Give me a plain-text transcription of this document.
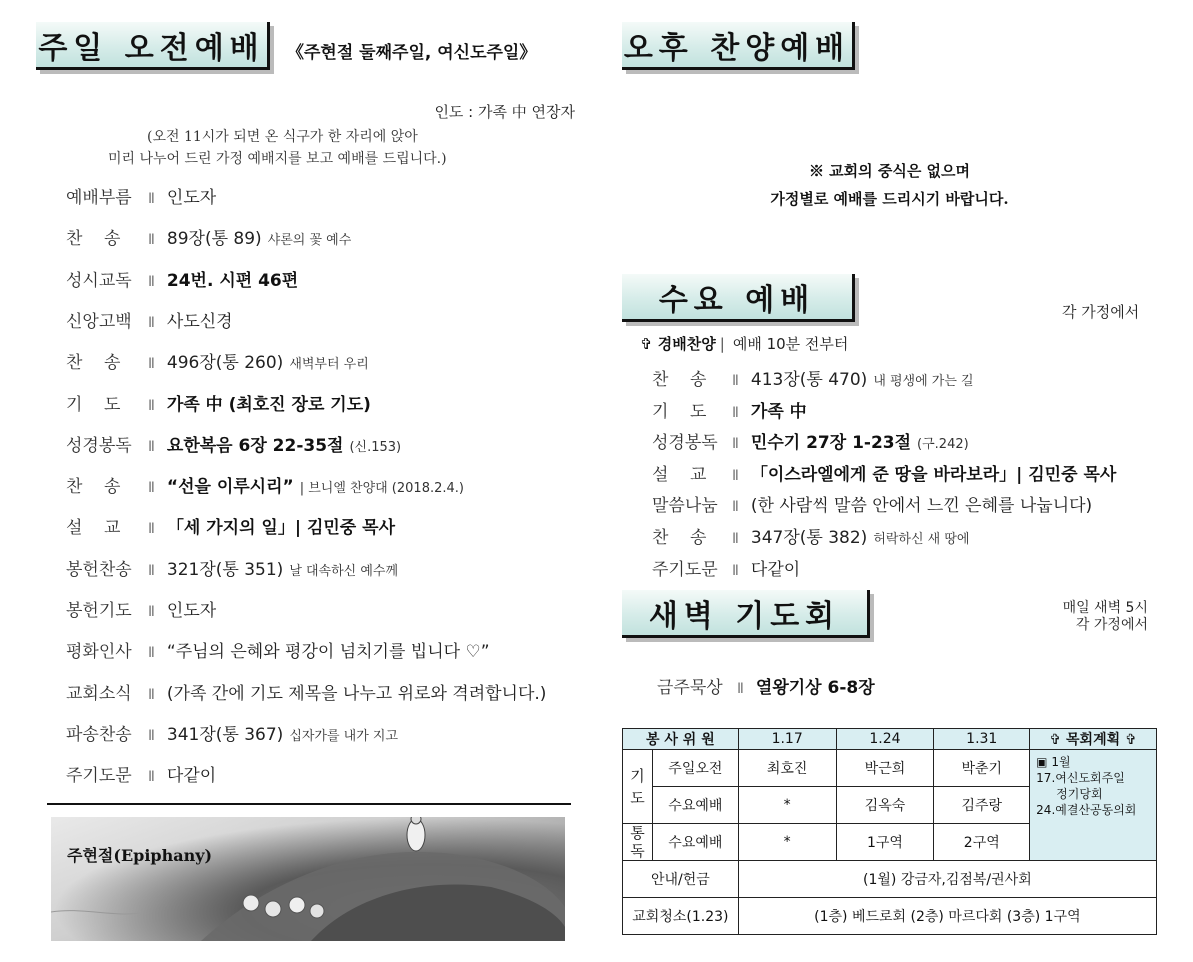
주일 오전예배 《주현절 둘째주일, 여신도주일》
인도 : 가족 中 연장자
(오전 11시가 되면 온 식구가 한 자리에 앉아
미리 나누어 드린 가정 예배지를 보고 예배를 드립니다.)
예배부름	Ⅱ 인도자
찬    송	Ⅱ 89장(통 89) 샤론의 꽃 예수
성시교독	Ⅱ 24번. 시편 46편
신앙고백	Ⅱ 사도신경
찬    송	Ⅱ 496장(통 260) 새벽부터 우리
기    도	Ⅱ 가족 中 (최호진 장로 기도)
성경봉독	Ⅱ 요한복음 6장 22-35절 (신.153)
찬    송	Ⅱ “선을 이루시리” | 브니엘 찬양대 (2018.2.4.)
설    교	Ⅱ 「세 가지의 일」| 김민중 목사
봉헌찬송	Ⅱ 321장(통 351) 날 대속하신 예수께
봉헌기도	Ⅱ 인도자
평화인사	Ⅱ “주님의 은혜와 평강이 넘치기를 빕니다 ♡”
교회소식	Ⅱ (가족 간에 기도 제목을 나누고 위로와 격려합니다.)
파송찬송	Ⅱ 341장(통 367) 십자가를 내가 지고
주기도문	Ⅱ 다같이
주현절(Epiphany)
오후 찬양예배
※ 교회의 중식은 없으며
가정별로 예배를 드리시기 바랍니다.
수요 예배	각 가정에서
✞ 경배찬양 | 예배 10분 전부터
찬    송	Ⅱ 413장(통 470) 내 평생에 가는 길
기    도	Ⅱ 가족 中
성경봉독	Ⅱ 민수기 27장 1-23절 (구.242)
설    교	Ⅱ 「이스라엘에게 준 땅을 바라보라」| 김민중 목사
말씀나눔	Ⅱ (한 사람씩 말씀 안에서 느낀 은혜를 나눕니다)
찬    송	Ⅱ 347장(통 382) 허락하신 새 땅에
주기도문	Ⅱ 다같이
새벽 기도회	매일 새벽 5시
각 가정에서
금주묵상	Ⅱ 열왕기상 6-8장
봉 사 위 원		1.17	1.24	1.31	✞ 목회계획 ✞
기도	주일오전	최호진	박근희	박춘기	▣ 1월
17.여신도회주일
정기당회
24.예결산공동의회

	수요예배	*	김옥숙	김주랑	
통독	수요예배	*	1구역	2구역	
안내/헌금		(1월) 강금자,김점복/권사회			
교회청소(1.23)		(1층) 베드로회 (2층) 마르다회 (3층) 1구역			
